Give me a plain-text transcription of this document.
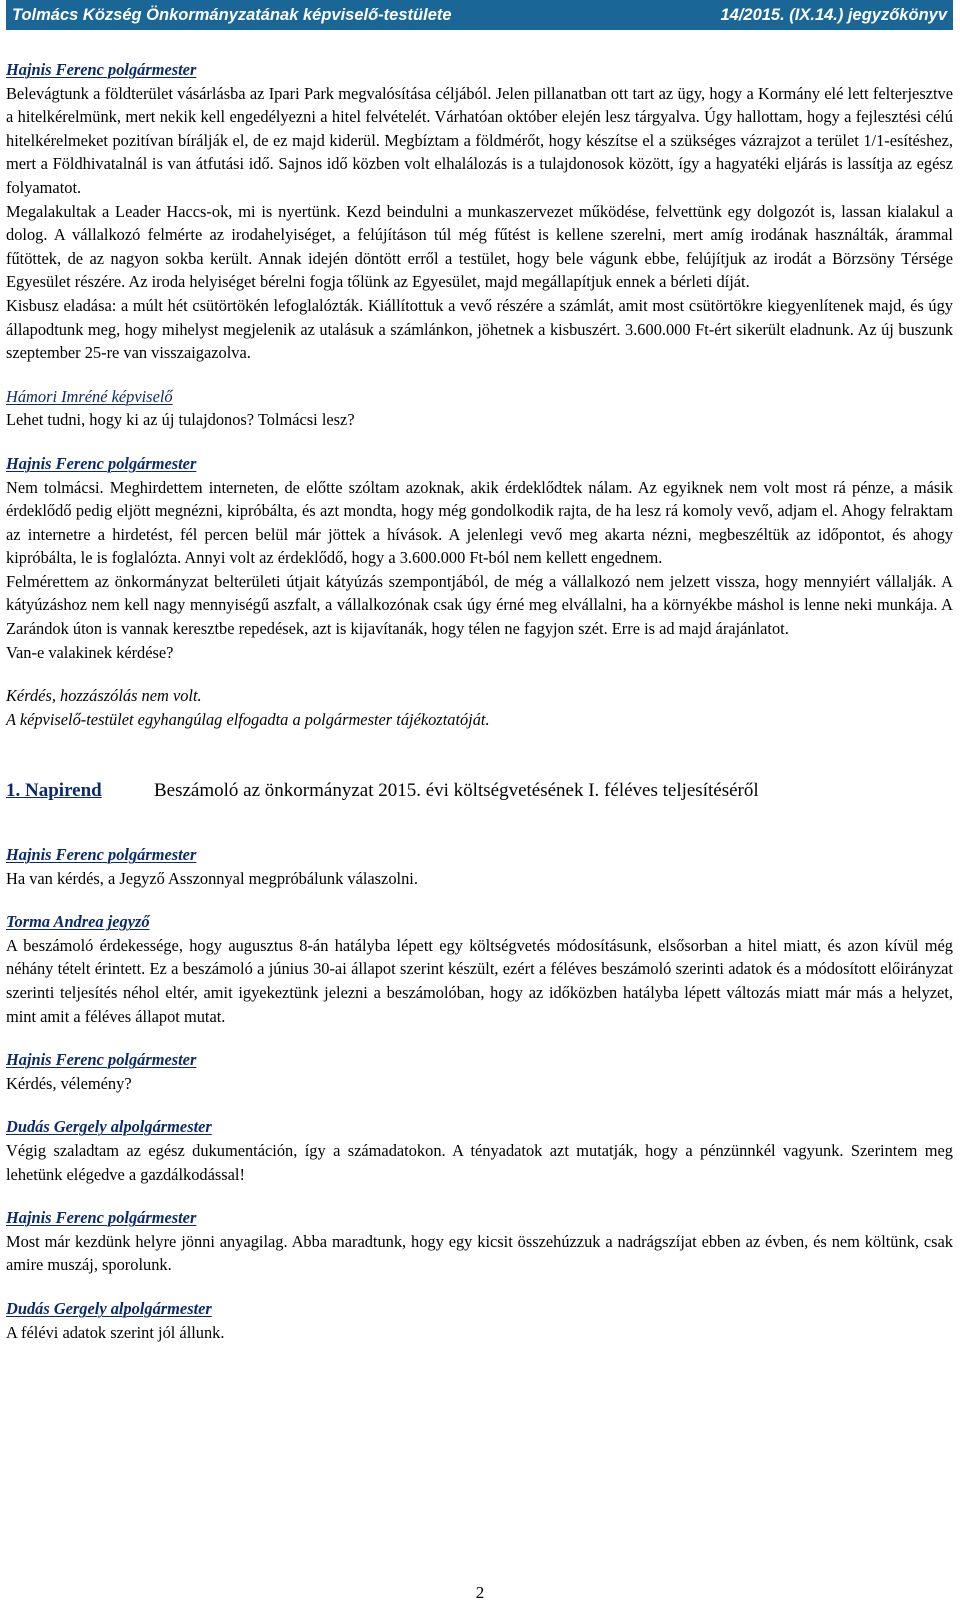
Tolmács Község Önkormányzatának képviselő-testülete	14/2015. (IX.14.) jegyzőkönyv
Hajnis Ferenc polgármester

Belevágtunk a földterület vásárlásba az Ipari Park megvalósítása céljából. Jelen pillanatban ott tart az ügy, hogy a Kormány elé lett felterjesztve a hitelkérelmünk, mert nekik kell engedélyezni a hitel felvételét. Várhatóan október elején lesz tárgyalva. Úgy hallottam, hogy a fejlesztési célú hitelkérelmeket pozitívan bírálják el, de ez majd kiderül. Megbíztam a földmérőt, hogy készítse el a szükséges vázrajzot a terület 1/1-esítéshez, mert a Földhivatalnál is van átfutási idő. Sajnos idő közben volt elhalálozás is a tulajdonosok között, így a hagyatéki eljárás is lassítja az egész folyamatot.

Megalakultak a Leader Haccs-ok, mi is nyertünk. Kezd beindulni a munkaszervezet működése, felvettünk egy dolgozót is, lassan kialakul a dolog. A vállalkozó felmérte az irodahelyiséget, a felújításon túl még fűtést is kellene szerelni, mert amíg irodának használták, árammal fűtöttek, de az nagyon sokba került. Annak idején döntött erről a testület, hogy bele vágunk ebbe, felújítjuk az irodát a Börzsöny Térsége Egyesület részére. Az iroda helyiséget bérelni fogja tőlünk az Egyesület, majd megállapítjuk ennek a bérleti díját.

Kisbusz eladása: a múlt hét csütörtökén lefoglalózták. Kiállítottuk a vevő részére a számlát, amit most csütörtökre kiegyenlítenek majd, és úgy állapodtunk meg, hogy mihelyst megjelenik az utalásuk a számlánkon, jöhetnek a kisbuszért. 3.600.000 Ft-ért sikerült eladnunk. Az új buszunk szeptember 25-re van visszaigazolva.

Hámori Imréné képviselő

Lehet tudni, hogy ki az új tulajdonos? Tolmácsi lesz?

Hajnis Ferenc polgármester

Nem tolmácsi. Meghirdettem interneten, de előtte szóltam azoknak, akik érdeklődtek nálam. Az egyiknek nem volt most rá pénze, a másik érdeklődő pedig eljött megnézni, kipróbálta, és azt mondta, hogy még gondolkodik rajta, de ha lesz rá komoly vevő, adjam el. Ahogy felraktam az internetre a hirdetést, fél percen belül már jöttek a hívások. A jelenlegi vevő meg akarta nézni, megbeszéltük az időpontot, és ahogy kipróbálta, le is foglalózta. Annyi volt az érdeklődő, hogy a 3.600.000 Ft-ból nem kellett engednem.

Felmérettem az önkormányzat belterületi útjait kátyúzás szempontjából, de még a vállalkozó nem jelzett vissza, hogy mennyiért vállalják. A kátyúzáshoz nem kell nagy mennyiségű aszfalt, a vállalkozónak csak úgy érné meg elvállalni, ha a környékbe máshol is lenne neki munkája. A Zarándok úton is vannak keresztbe repedések, azt is kijavítanák, hogy télen ne fagyjon szét. Erre is ad majd árajánlatot.

Van-e valakinek kérdése?

Kérdés, hozzászólás nem volt.

A képviselő-testület egyhangúlag elfogadta a polgármester tájékoztatóját.

1. Napirend	Beszámoló az önkormányzat 2015. évi költségvetésének I. féléves teljesítéséről
Hajnis Ferenc polgármester

Ha van kérdés, a Jegyző Asszonnyal megpróbálunk válaszolni.

Torma Andrea jegyző

A beszámoló érdekessége, hogy augusztus 8-án hatályba lépett egy költségvetés módosításunk, elsősorban a hitel miatt, és azon kívül még néhány tételt érintett. Ez a beszámoló a június 30-ai állapot szerint készült, ezért a féléves beszámoló szerinti adatok és a módosított előirányzat szerinti teljesítés néhol eltér, amit igyekeztünk jelezni a beszámolóban, hogy az időközben hatályba lépett változás miatt már más a helyzet, mint amit a féléves állapot mutat.

Hajnis Ferenc polgármester

Kérdés, vélemény?

Dudás Gergely alpolgármester

Végig szaladtam az egész dukumentáción, így a számadatokon. A tényadatok azt mutatják, hogy a pénzünnkél vagyunk. Szerintem meg lehetünk elégedve a gazdálkodással!

Hajnis Ferenc polgármester

Most már kezdünk helyre jönni anyagilag. Abba maradtunk, hogy egy kicsit összehúzzuk a nadrágszíjat ebben az évben, és nem költünk, csak amire muszáj, sporolunk.

Dudás Gergely alpolgármester

A félévi adatok szerint jól állunk.

2
